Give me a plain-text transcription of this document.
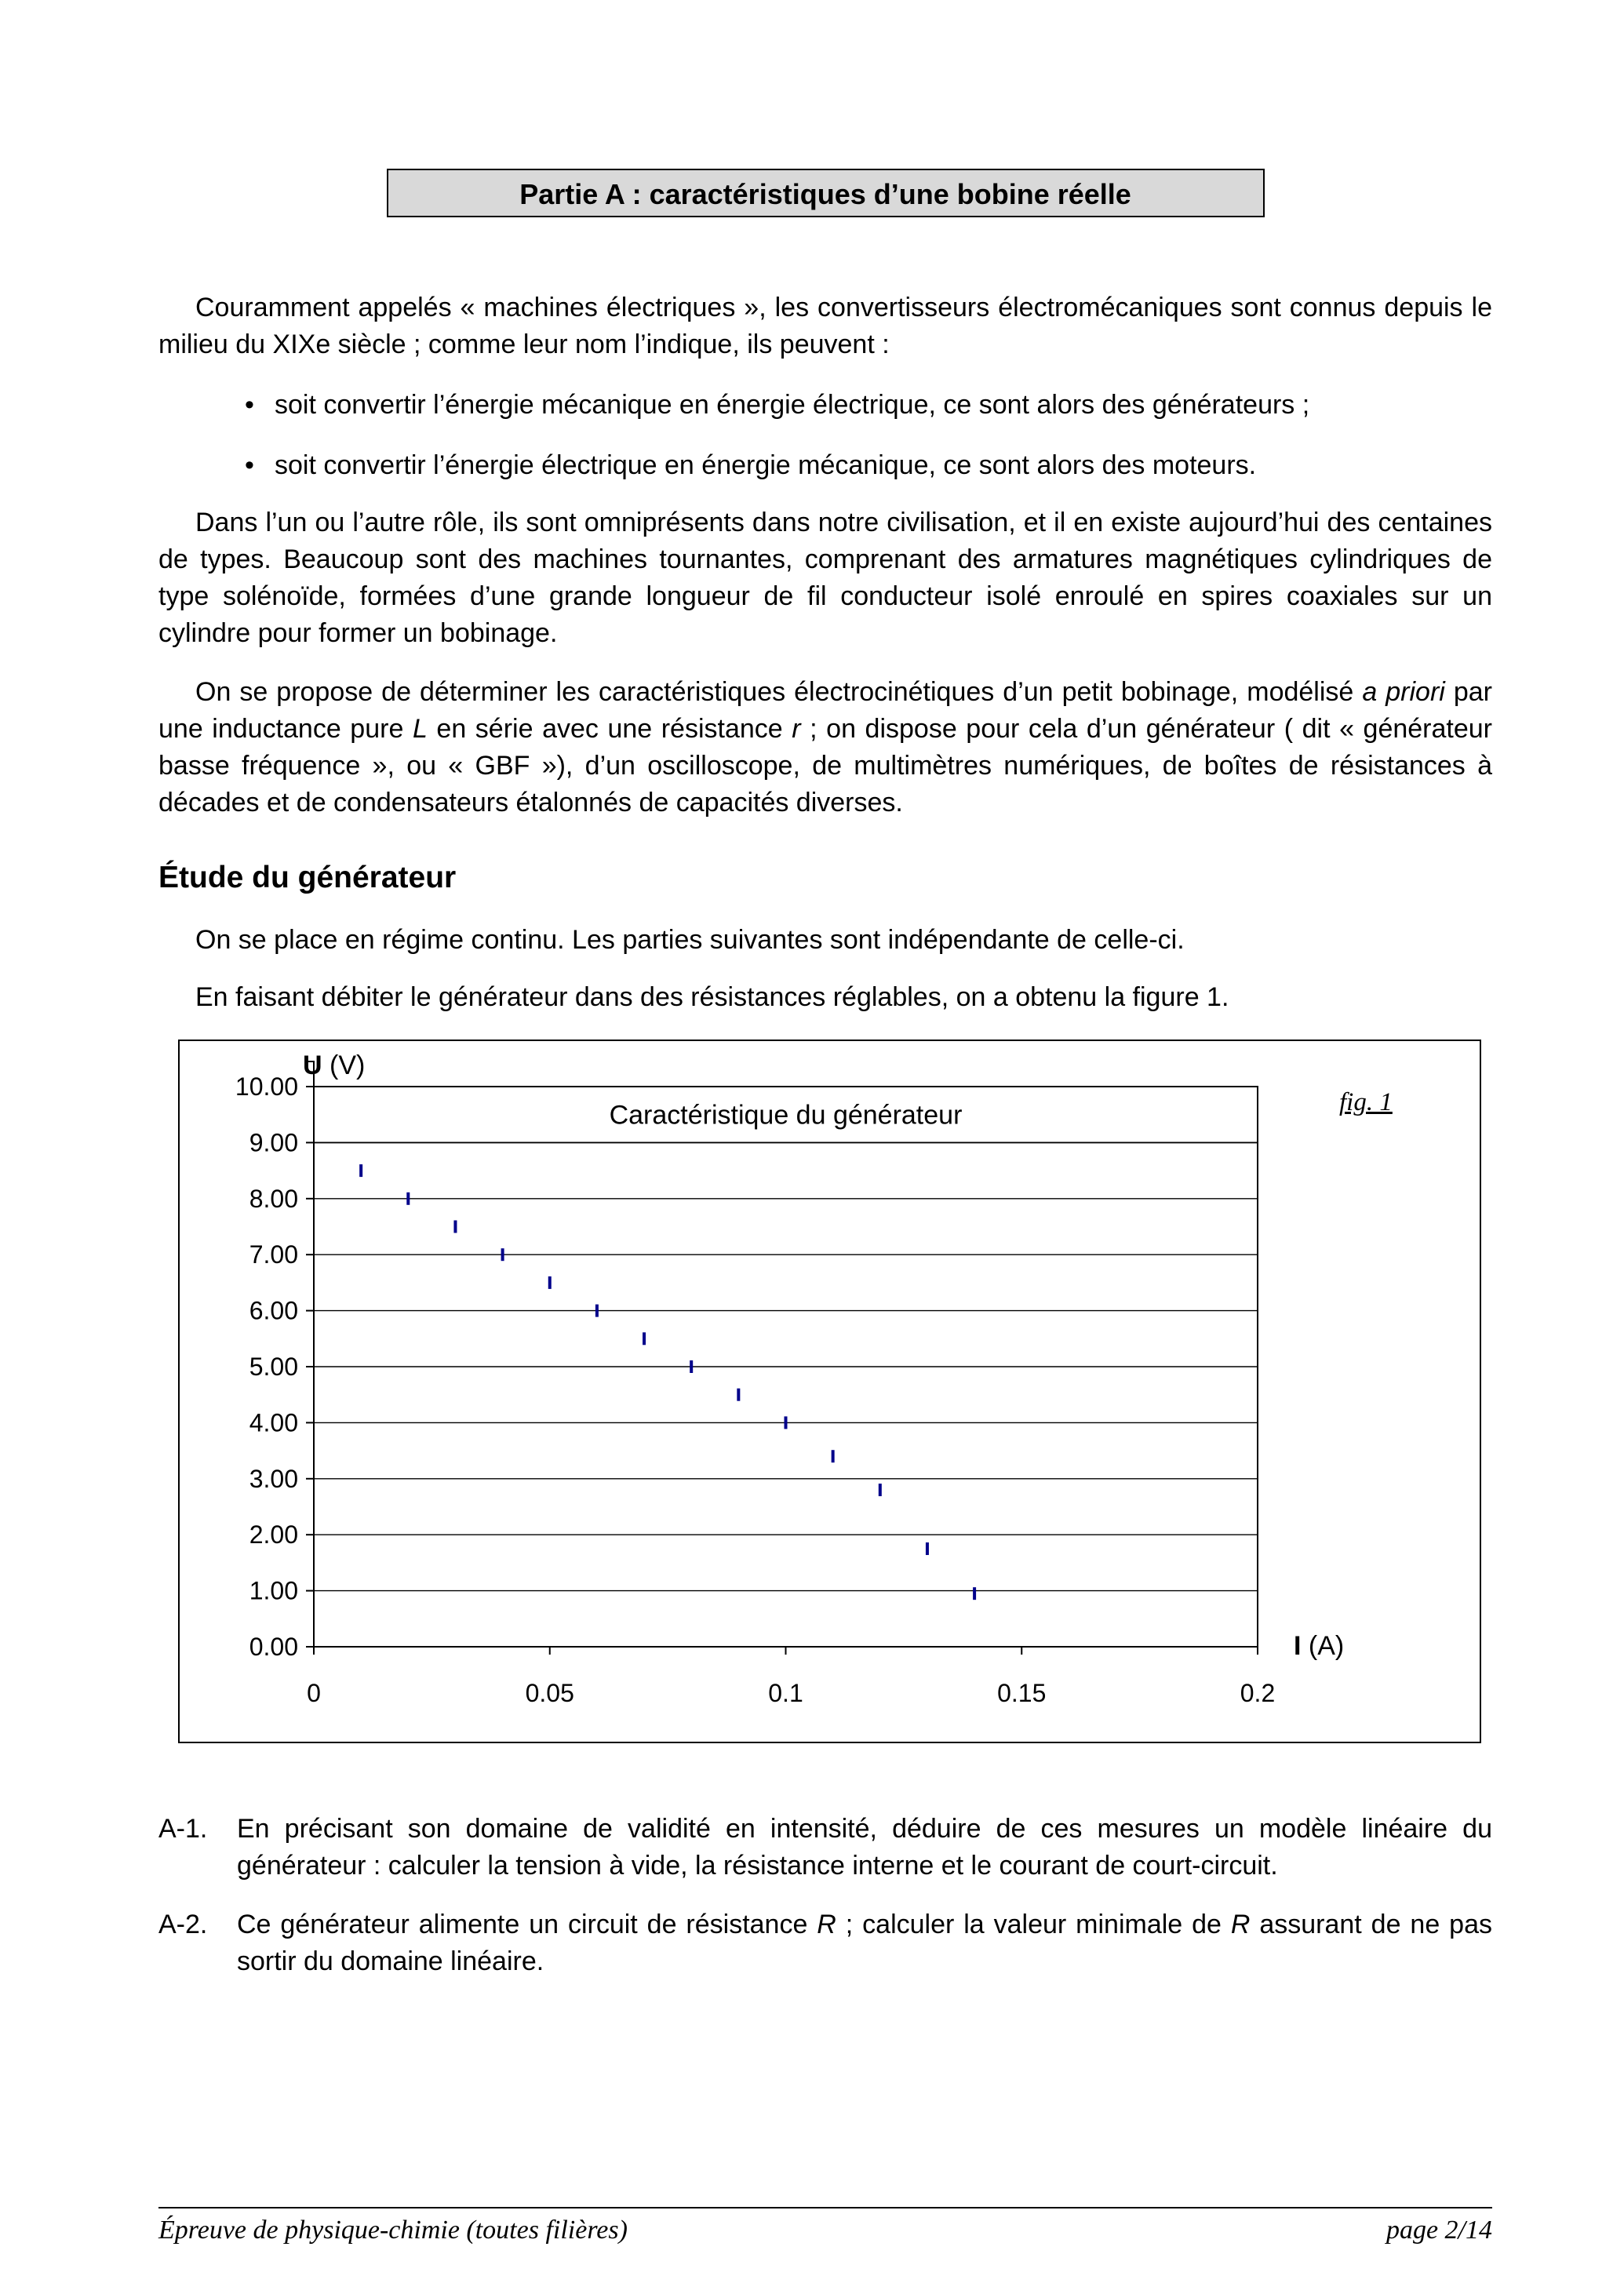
Partie A : caractéristiques d’une bobine réelle

Couramment appelés « machines électriques », les convertisseurs électromécaniques sont connus depuis le milieu du XIXe siècle ; comme leur nom l’indique, ils peuvent :

• soit convertir l’énergie mécanique en énergie électrique, ce sont alors des générateurs ;
• soit convertir l’énergie électrique en énergie mécanique, ce sont alors des moteurs.

Dans l’un ou l’autre rôle, ils sont omniprésents dans notre civilisation, et il en existe aujourd’hui des centaines de types. Beaucoup sont des machines tournantes, comprenant des armatures magnétiques cylindriques de type solénoïde, formées d’une grande longueur de fil conducteur isolé enroulé en spires coaxiales sur un cylindre pour former un bobinage.

On se propose de déterminer les caractéristiques électrocinétiques d’un petit bobinage, modélisé a priori par une inductance pure L en série avec une résistance r ; on dispose pour cela d’un générateur ( dit « générateur basse fréquence », ou « GBF »), d’un oscilloscope, de multimètres numériques, de boîtes de résistances à décades et de condensateurs étalonnés de capacités diverses.

Étude du générateur

On se place en régime continu. Les parties suivantes sont indépendante de celle-ci.

En faisant débiter le générateur dans des résistances réglables, on a obtenu la figure 1.

Caractéristique du générateur
0.00
1.00
2.00
3.00
4.00
5.00
6.00
7.00
8.00
9.00
10.00
0	0.05	0.1	0.15	0.2
U (V)
I (A)
fig. 1
A-1.	En précisant son domaine de validité en intensité, déduire de ces mesures un modèle linéaire du générateur : calculer la tension à vide, la résistance interne et le courant de court-circuit.
A-2.	Ce générateur alimente un circuit de résistance R ; calculer la valeur minimale de R assurant de ne pas sortir du domaine linéaire.
Épreuve de physique-chimie (toutes filières)	page 2/14
